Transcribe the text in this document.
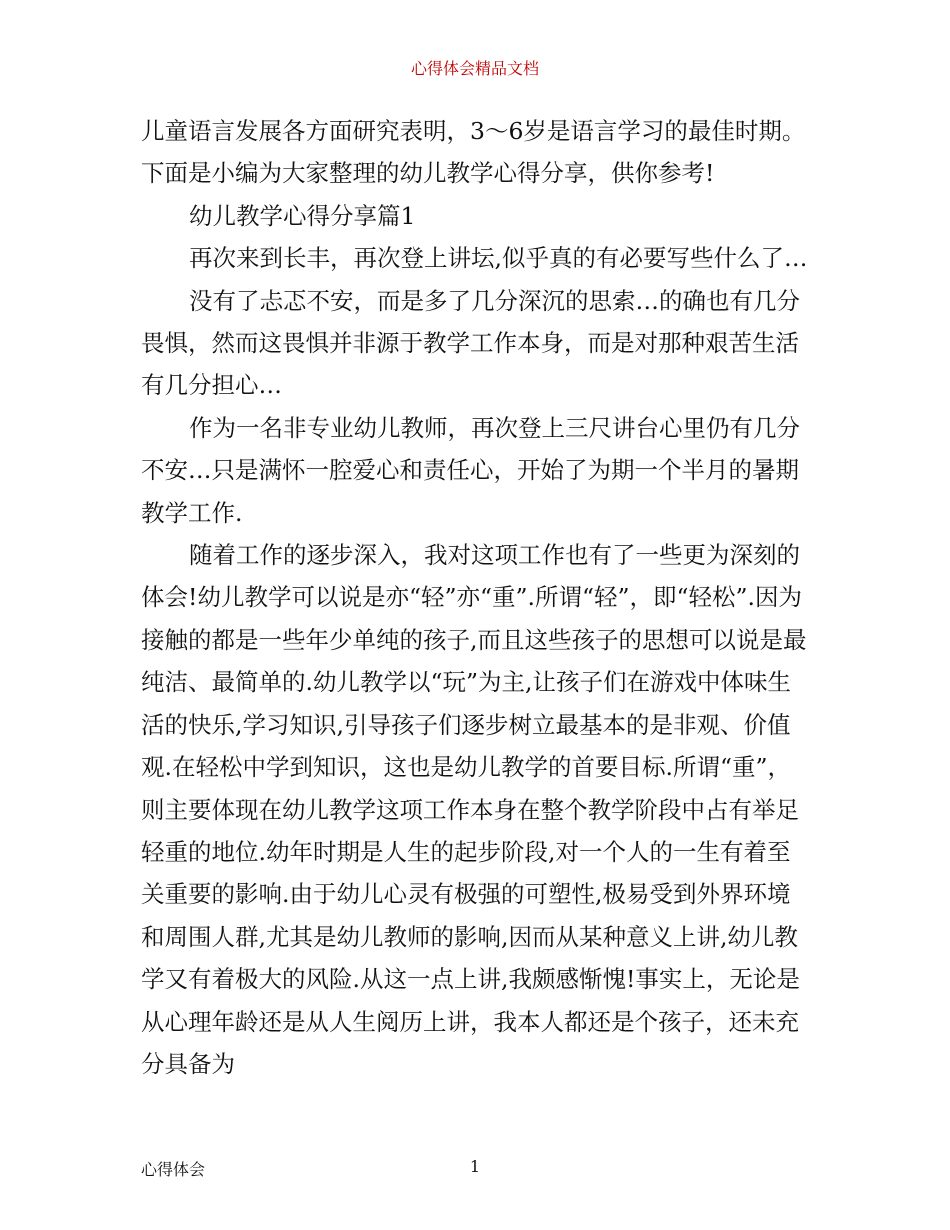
心得体会精品文档

儿童语言发展各方面研究表明，3～6岁是语言学习的最佳时期。下面是小编为大家整理的幼儿教学心得分享，供你参考!

幼儿教学心得分享篇1

再次来到长丰，再次登上讲坛,似乎真的有必要写些什么了…

没有了忐忑不安，而是多了几分深沉的思索…的确也有几分畏惧，然而这畏惧并非源于教学工作本身，而是对那种艰苦生活有几分担心…

作为一名非专业幼儿教师，再次登上三尺讲台心里仍有几分不安…只是满怀一腔爱心和责任心，开始了为期一个半月的暑期教学工作.

随着工作的逐步深入，我对这项工作也有了一些更为深刻的体会!幼儿教学可以说是亦“轻”亦“重”.所谓“轻”，即“轻松”.因为接触的都是一些年少单纯的孩子,而且这些孩子的思想可以说是最纯洁、最简单的.幼儿教学以“玩”为主,让孩子们在游戏中体味生活的快乐,学习知识,引导孩子们逐步树立最基本的是非观、价值观.在轻松中学到知识，这也是幼儿教学的首要目标.所谓“重”，则主要体现在幼儿教学这项工作本身在整个教学阶段中占有举足轻重的地位.幼年时期是人生的起步阶段,对一个人的一生有着至关重要的影响.由于幼儿心灵有极强的可塑性,极易受到外界环境和周围人群,尤其是幼儿教师的影响,因而从某种意义上讲,幼儿教学又有着极大的风险.从这一点上讲,我颇感惭愧!事实上，无论是从心理年龄还是从人生阅历上讲，我本人都还是个孩子，还未充分具备为

心得体会	1
